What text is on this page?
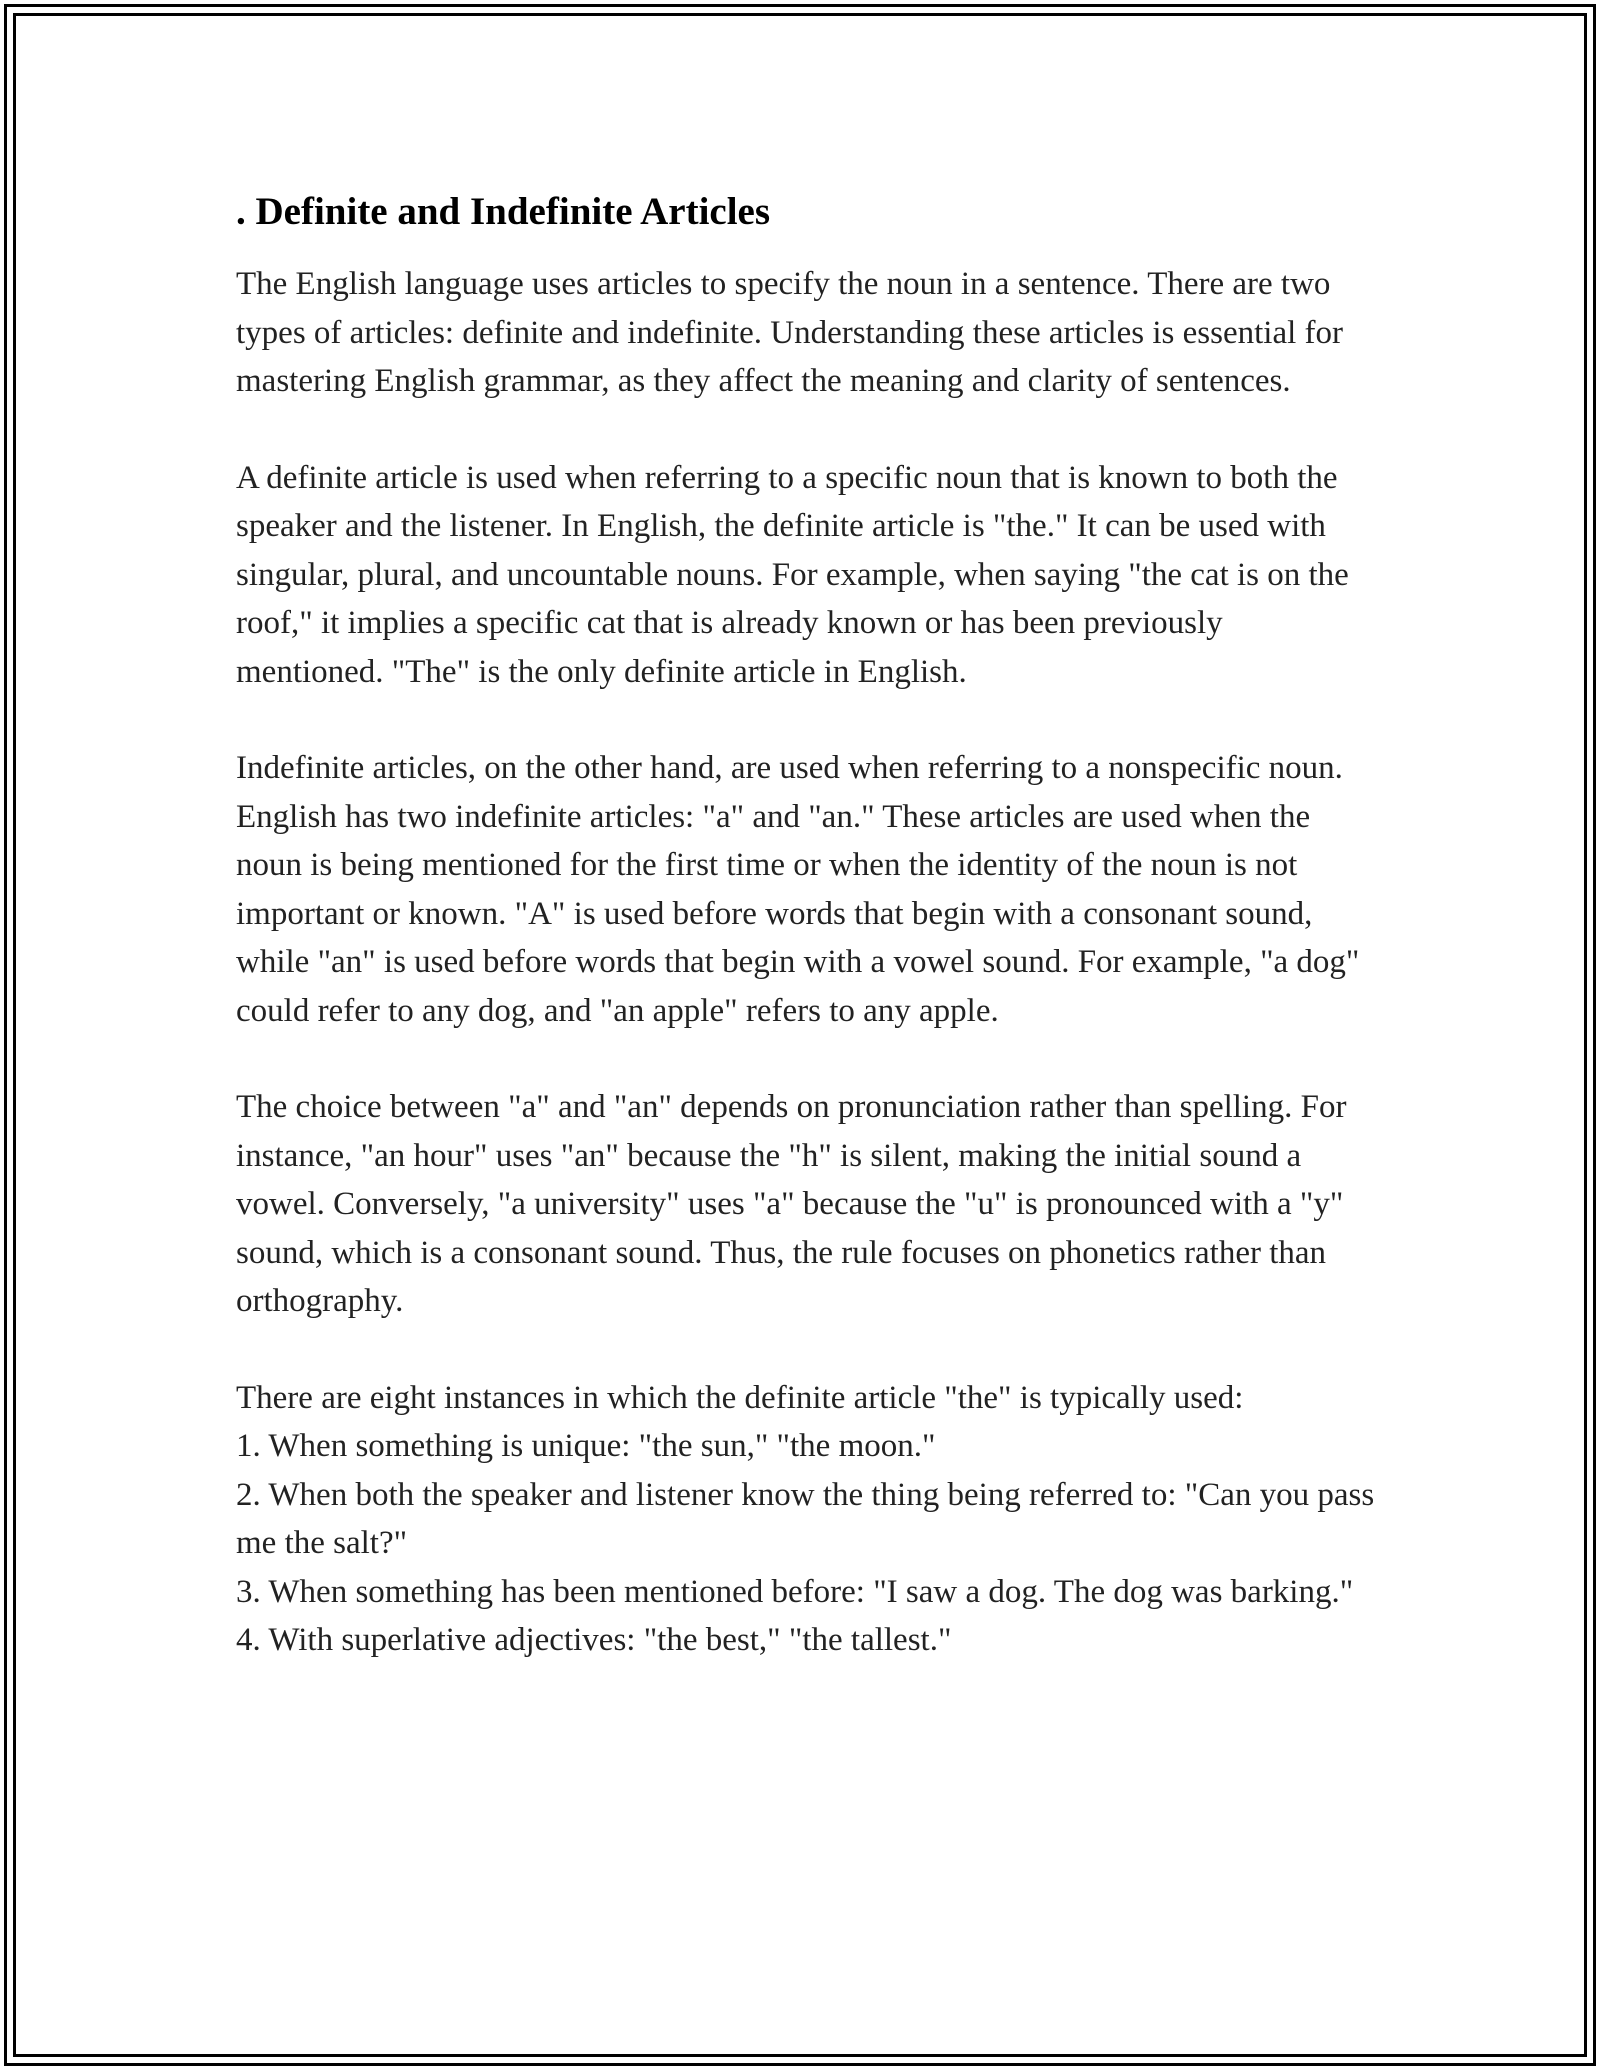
. Definite and Indefinite Articles

The English language uses articles to specify the noun in a sentence. There are two types of articles: definite and indefinite. Understanding these articles is essential for mastering English grammar, as they affect the meaning and clarity of sentences.

A definite article is used when referring to a specific noun that is known to both the speaker and the listener. In English, the definite article is "the." It can be used with singular, plural, and uncountable nouns. For example, when saying "the cat is on the roof," it implies a specific cat that is already known or has been previously mentioned. "The" is the only definite article in English.

Indefinite articles, on the other hand, are used when referring to a nonspecific noun. English has two indefinite articles: "a" and "an." These articles are used when the noun is being mentioned for the first time or when the identity of the noun is not important or known. "A" is used before words that begin with a consonant sound, while "an" is used before words that begin with a vowel sound. For example, "a dog" could refer to any dog, and "an apple" refers to any apple.

The choice between "a" and "an" depends on pronunciation rather than spelling. For instance, "an hour" uses "an" because the "h" is silent, making the initial sound a vowel. Conversely, "a university" uses "a" because the "u" is pronounced with a "y" sound, which is a consonant sound. Thus, the rule focuses on phonetics rather than orthography.

There are eight instances in which the definite article "the" is typically used:

1. When something is unique: "the sun," "the moon."

2. When both the speaker and listener know the thing being referred to: "Can you pass me the salt?"

3. When something has been mentioned before: "I saw a dog. The dog was barking."

4. With superlative adjectives: "the best," "the tallest."
